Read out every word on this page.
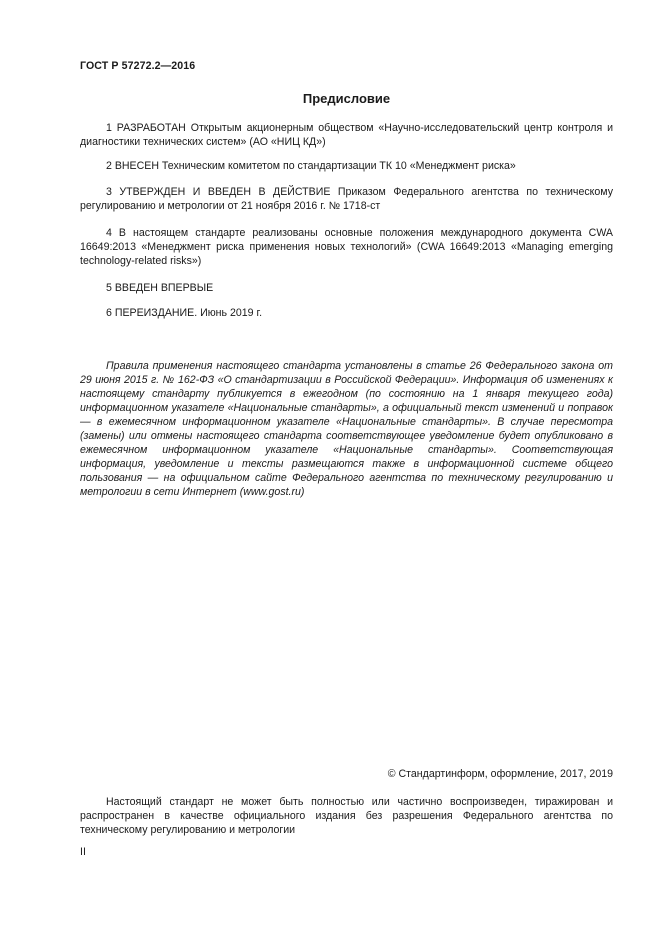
ГОСТ Р 57272.2—2016
Предисловие

1 РАЗРАБОТАН Открытым акционерным обществом «Научно-исследовательский центр контроля и диагностики технических систем» (АО «НИЦ КД»)

2 ВНЕСЕН Техническим комитетом по стандартизации ТК 10 «Менеджмент риска»

3 УТВЕРЖДЕН И ВВЕДЕН В ДЕЙСТВИЕ Приказом Федерального агентства по техническому регулированию и метрологии от 21 ноября 2016 г. № 1718-ст

4 В настоящем стандарте реализованы основные положения международного документа CWA 16649:2013 «Менеджмент риска применения новых технологий» (CWA 16649:2013 «Managing emerging technology-related risks»)

5 ВВЕДЕН ВПЕРВЫЕ

6 ПЕРЕИЗДАНИЕ. Июнь 2019 г.

Правила применения настоящего стандарта установлены в статье 26 Федерального закона от 29 июня 2015 г. № 162-ФЗ «О стандартизации в Российской Федерации». Информация об изменениях к настоящему стандарту публикуется в ежегодном (по состоянию на 1 января текущего года) информационном указателе «Национальные стандарты», а официальный текст изменений и поправок — в ежемесячном информационном указателе «Национальные стандарты». В случае пересмотра (замены) или отмены настоящего стандарта соответствующее уведомление будет опубликовано в ежемесячном информационном указателе «Национальные стандарты». Соответствующая информация, уведомление и тексты размещаются также в информационной системе общего пользования — на официальном сайте Федерального агентства по техническому регулированию и метрологии в сети Интернет (www.gost.ru)

© Стандартинформ, оформление, 2017, 2019

Настоящий стандарт не может быть полностью или частично воспроизведен, тиражирован и распространен в качестве официального издания без разрешения Федерального агентства по техническому регулированию и метрологии

II
